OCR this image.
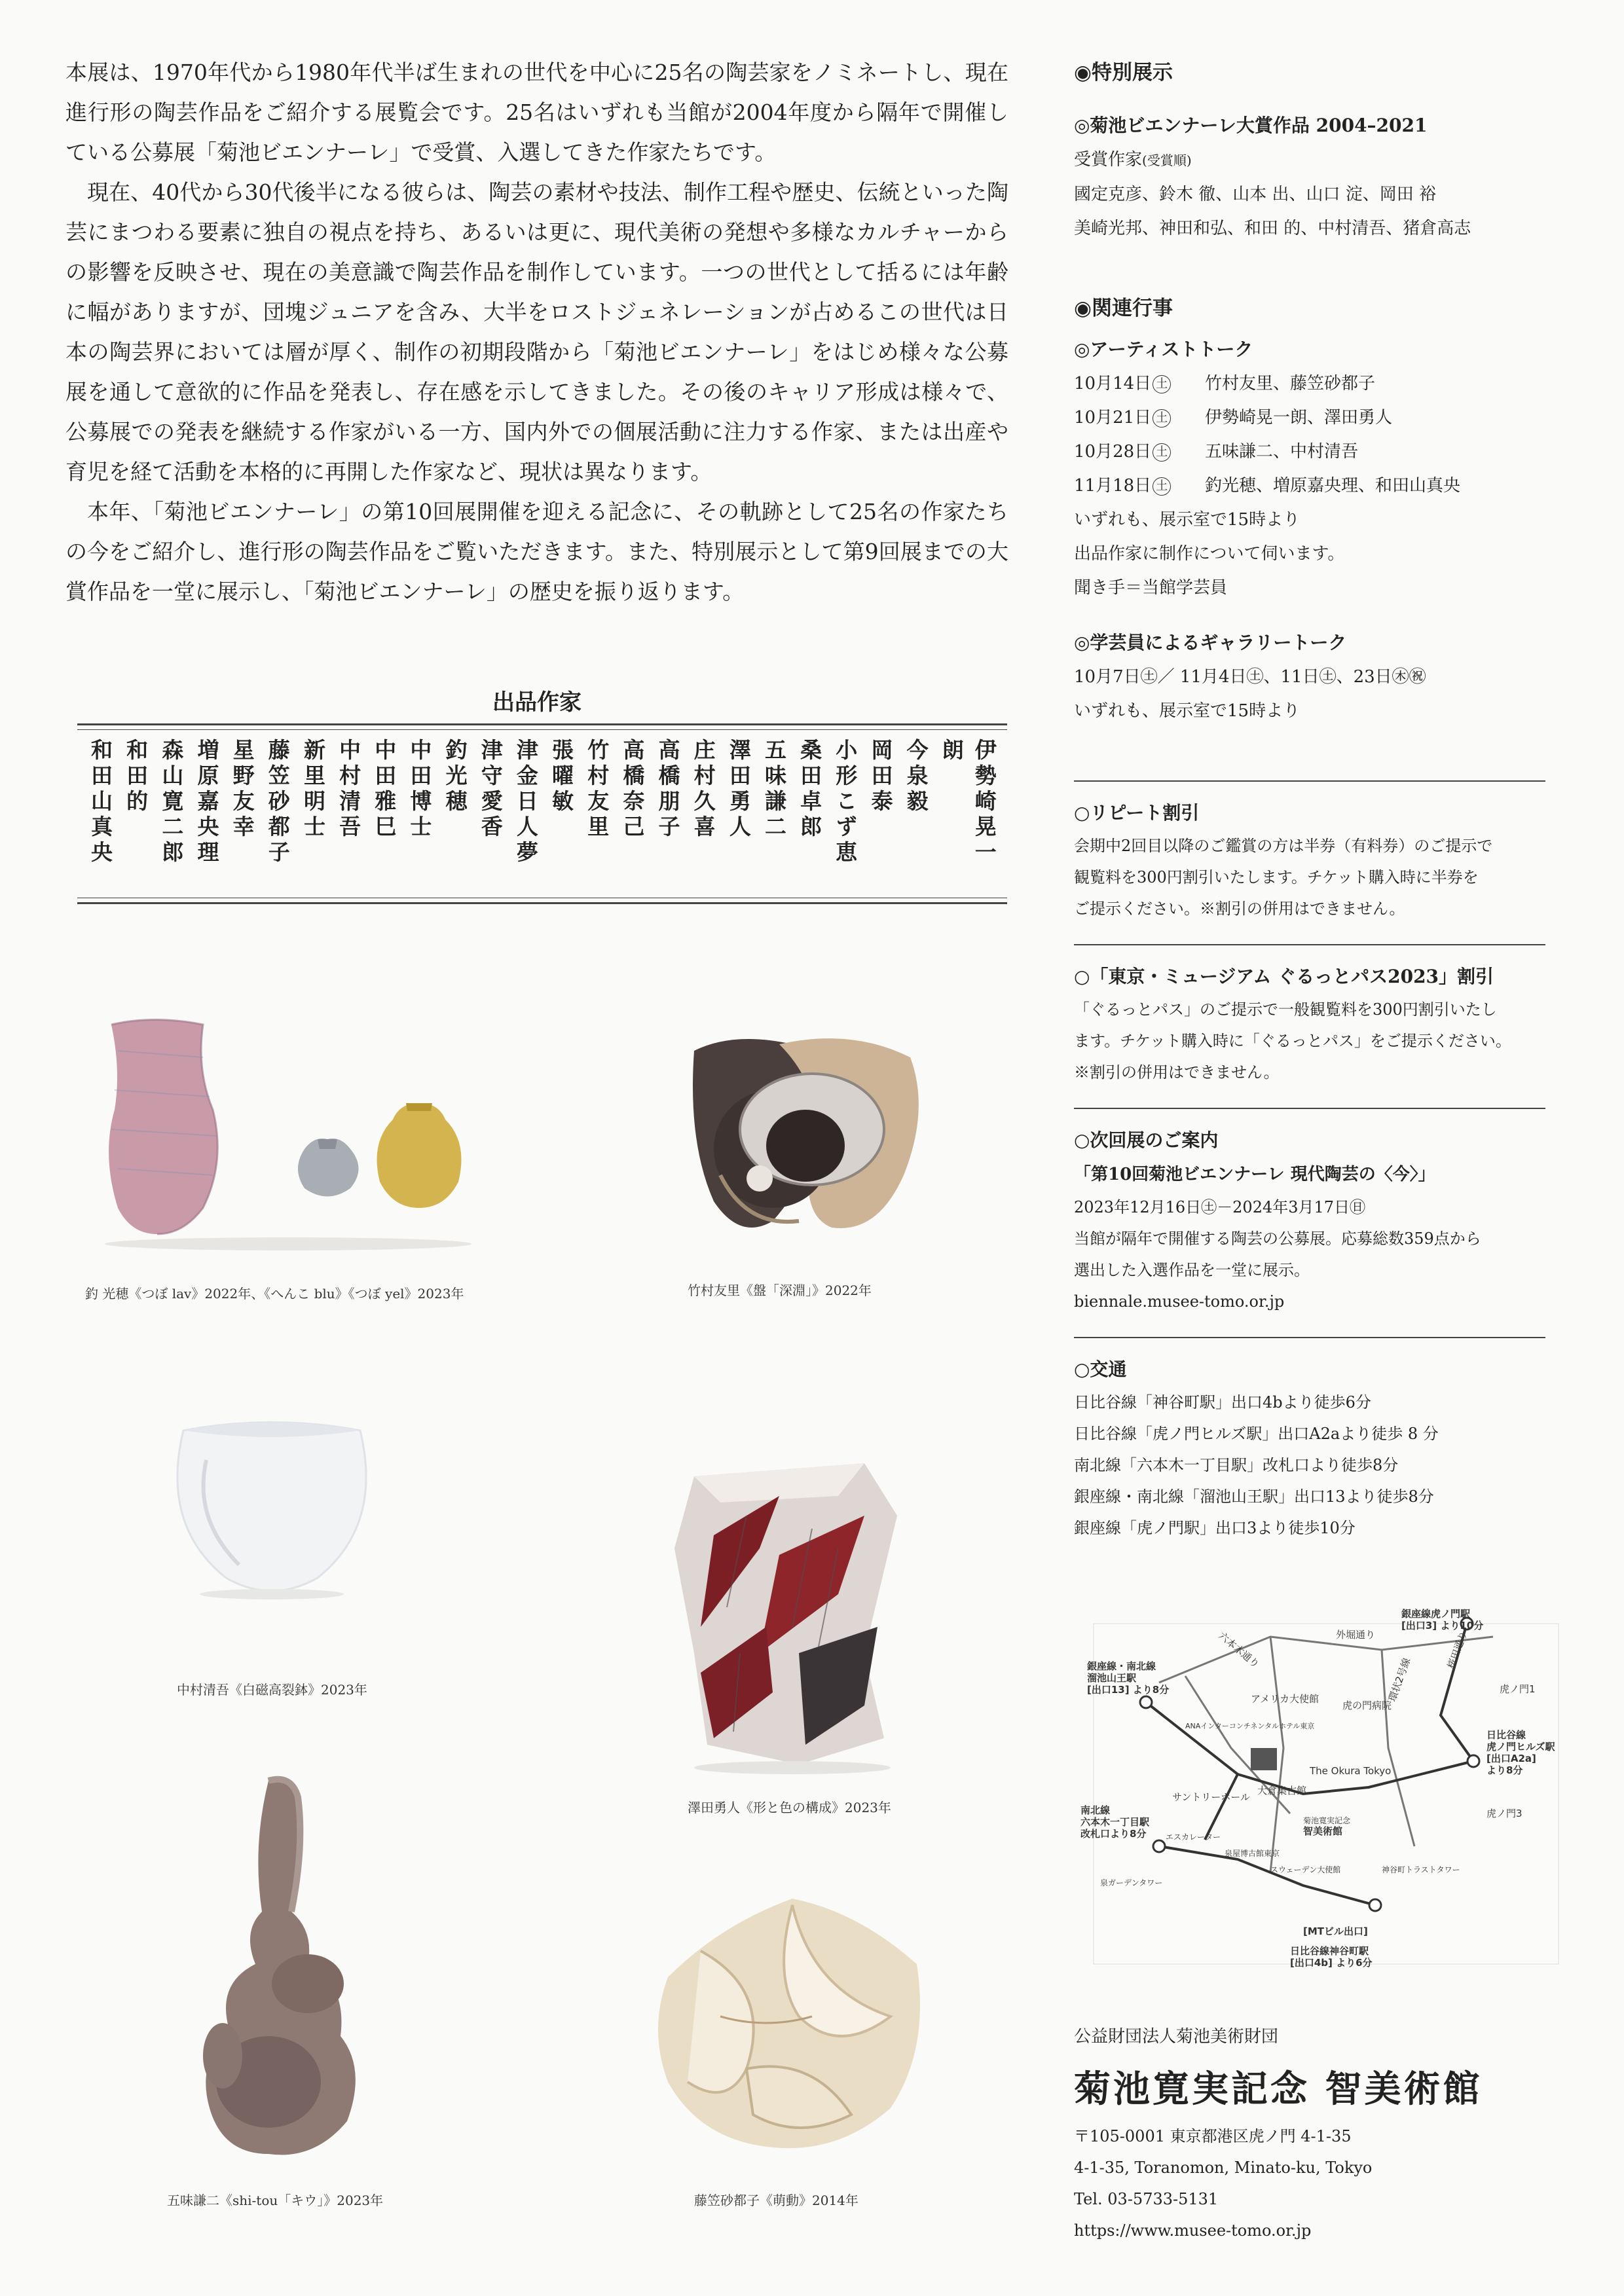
本展は、1970年代から1980年代半ば生まれの世代を中心に25名の陶芸家をノミネートし、現在進行形の陶芸作品をご紹介する展覧会です。25名はいずれも当館が2004年度から隔年で開催している公募展「菊池ビエンナーレ」で受賞、入選してきた作家たちです。

現在、40代から30代後半になる彼らは、陶芸の素材や技法、制作工程や歴史、伝統といった陶芸にまつわる要素に独自の視点を持ち、あるいは更に、現代美術の発想や多様なカルチャーからの影響を反映させ、現在の美意識で陶芸作品を制作しています。一つの世代として括るには年齢に幅がありますが、団塊ジュニアを含み、大半をロストジェネレーションが占めるこの世代は日本の陶芸界においては層が厚く、制作の初期段階から「菊池ビエンナーレ」をはじめ様々な公募展を通して意欲的に作品を発表し、存在感を示してきました。その後のキャリア形成は様々で、公募展での発表を継続する作家がいる一方、国内外での個展活動に注力する作家、または出産や育児を経て活動を本格的に再開した作家など、現状は異なります。

本年、「菊池ビエンナーレ」の第10回展開催を迎える記念に、その軌跡として25名の作家たちの今をご紹介し、進行形の陶芸作品をご覧いただきます。また、特別展示として第9回展までの大賞作品を一堂に展示し、「菊池ビエンナーレ」の歴史を振り返ります。

出品作家
伊勢崎晃一朗
今泉毅
岡田泰
小形こず恵
桑田卓郎
五味謙二
澤田勇人
庄村久喜
高橋朋子
高橋奈己
竹村友里
張曜敏
津金日人夢
津守愛香
釣光穂
中田博士
中田雅巳
中村清吾
新里明士
藤笠砂都子
星野友幸
増原嘉央理
森山寛二郎
和田的
和田山真央
釣 光穂《つぼ lav》2022年、《へんこ blu》《つぼ yel》2023年	竹村友里《盤「深淵」》2022年
中村清吾《白磁高裂鉢》2023年
澤田勇人《形と色の構成》2023年
五味謙二《shi-tou「キウ」》2023年	藤笠砂都子《萌動》2014年
◉特別展示
◎菊池ビエンナーレ大賞作品 2004–2021

受賞作家(受賞順)

國定克彦、鈴木 徹、山本 出、山口 淀、岡田 裕

美崎光邦、神田和弘、和田 的、中村清吾、猪倉高志

◉関連行事
◎アーティストトーク
10月14日 土	竹村友里、藤笠砂都子
10月21日 土	伊勢崎晃一朗、澤田勇人
10月28日 土	五味謙二、中村清吾
11月18日 土	釣光穂、増原嘉央理、和田山真央

いずれも、展示室で15時より

出品作家に制作について伺います。

聞き手＝当館学芸員

◎学芸員によるギャラリートーク

10月7日㊏／ 11月4日㊏、11日㊏、23日㊍㊗

いずれも、展示室で15時より

○リピート割引

会期中2回目以降のご鑑賞の方は半券（有料券）のご提示で

観覧料を300円割引いたします。チケット購入時に半券を

ご提示ください。※割引の併用はできません。

○「東京・ミュージアム ぐるっとパス2023」割引

「ぐるっとパス」のご提示で一般観覧料を300円割引いたし

ます。チケット購入時に「ぐるっとパス」をご提示ください。

※割引の併用はできません。

○次回展のご案内

「第10回菊池ビエンナーレ 現代陶芸の〈今〉」

2023年12月16日㊏－2024年3月17日㊐

当館が隔年で開催する陶芸の公募展。応募総数359点から

選出した入選作品を一堂に展示。

biennale.musee-tomo.or.jp

○交通

日比谷線「神谷町駅」出口4bより徒歩6分

日比谷線「虎ノ門ヒルズ駅」出口A2aより徒歩 8 分

南北線「六本木一丁目駅」改札口より徒歩8分

銀座線・南北線「溜池山王駅」出口13より徒歩8分

銀座線「虎ノ門駅」出口3より徒歩10分

銀座線虎ノ門駅
[出口3] より10分
銀座線・南北線
溜池山王駅
[出口13] より8分
南北線
六本木一丁目駅
改札口より8分
日比谷線
虎ノ門ヒルズ駅
[出口A2a]
より8分
[MTビル出口]
日比谷線神谷町駅
[出口4b] より6分
外堀通り
六本木通り	桜田通り
環状2号線	虎ノ門1
虎ノ門3
アメリカ大使館
ANAインターコンチネンタルホテル東京
大倉集古館
The Okura Tokyo
サントリーホール
虎の門病院
菊池寛実記念
智美術館
泉屋博古館東京
エスカレーター
泉ガーデンタワー
スウェーデン大使館	神谷町トラストタワー
公益財団法人菊池美術財団
菊池寛実記念 智美術館

〒105-0001 東京都港区虎ノ門 4-1-35

4-1-35, Toranomon, Minato-ku, Tokyo

Tel. 03-5733-5131

https://www.musee-tomo.or.jp
